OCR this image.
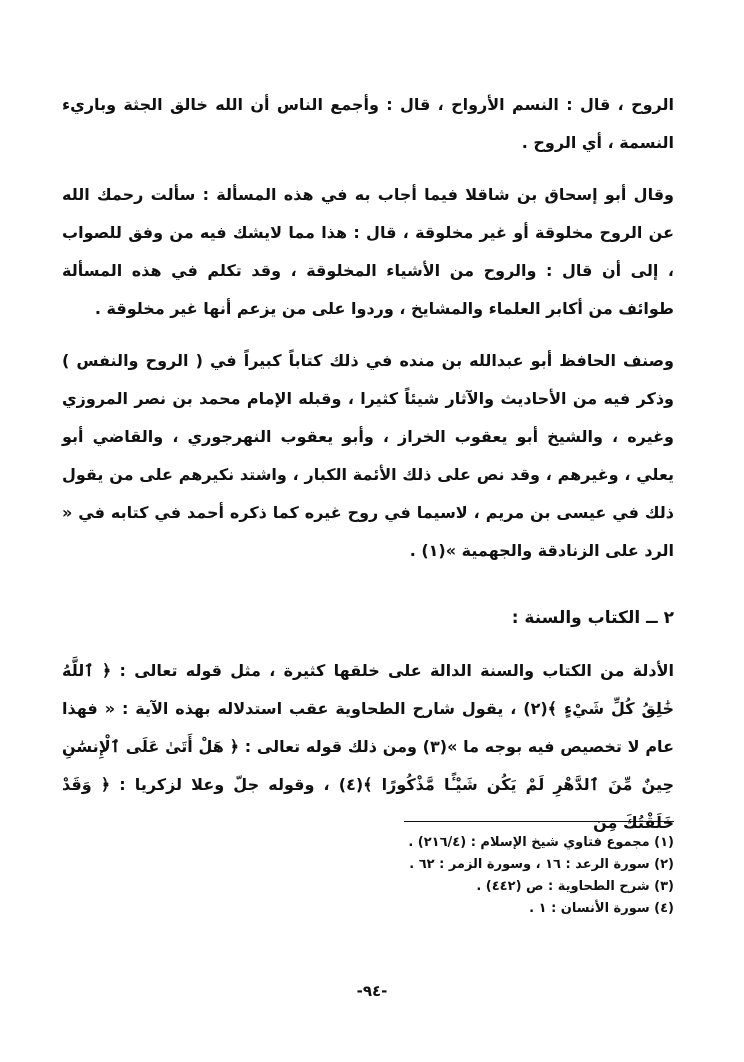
الروح ، قال : النسم الأرواح ، قال : وأجمع الناس أن الله خالق الجثة وباريء النسمة ، أي الروح .

وقال أبو إسحاق بن شاقلا فيما أجاب به في هذه المسألة : سألت رحمك الله عن الروح مخلوقة أو غير مخلوقة ، قال : هذا مما لايشك فيه من وفق للصواب ، إلى أن قال : والروح من الأشياء المخلوقة ، وقد تكلم في هذه المسألة طوائف من أكابر العلماء والمشايخ ، وردوا على من يزعم أنها غير مخلوقة .

وصنف الحافظ أبو عبدالله بن منده في ذلك كتاباً كبيراً في ( الروح والنفس ) وذكر فيه من الأحاديث والآثار شيئاً كثيرا ، وقبله الإمام محمد بن نصر المروزي وغيره ، والشيخ أبو يعقوب الخراز ، وأبو يعقوب النهرجوري ، والقاضي أبو يعلي ، وغيرهم ، وقد نص على ذلك الأئمة الكبار ، واشتد نكيرهم على من يقول ذلك في عيسى بن مريم ، لاسيما في روح غيره كما ذكره أحمد في كتابه في « الرد على الزنادقة والجهمية »(١) .

٢ ــ الكتاب والسنة :

الأدلة من الكتاب والسنة الدالة على خلقها كثيرة ، مثل قوله تعالى : ﴿ ٱللَّهُ خَٰلِقُ كُلِّ شَيْءٍ ﴾(٢) ، يقول شارح الطحاوية عقب استدلاله بهذه الآية : « فهذا عام لا تخصيص فيه بوجه ما »(٣) ومن ذلك قوله تعالى : ﴿ هَلْ أَتَىٰ عَلَى ٱلْإِنسَٰنِ حِينٌ مِّنَ ٱلدَّهْرِ لَمْ يَكُن شَيْـًٔا مَّذْكُورًا ﴾(٤) ، وقوله جلّ وعلا لزكريا : ﴿ وَقَدْ خَلَقْتُكَ مِن

(١) مجموع فتاوي شيخ الإسلام : (٢١٦/٤) .
(٢) سورة الرعد : ١٦ ، وسورة الزمر : ٦٢ .
(٣) شرح الطحاوية : ص (٤٤٢) .
(٤) سورة الأنسان : ١ .
-٩٤-
